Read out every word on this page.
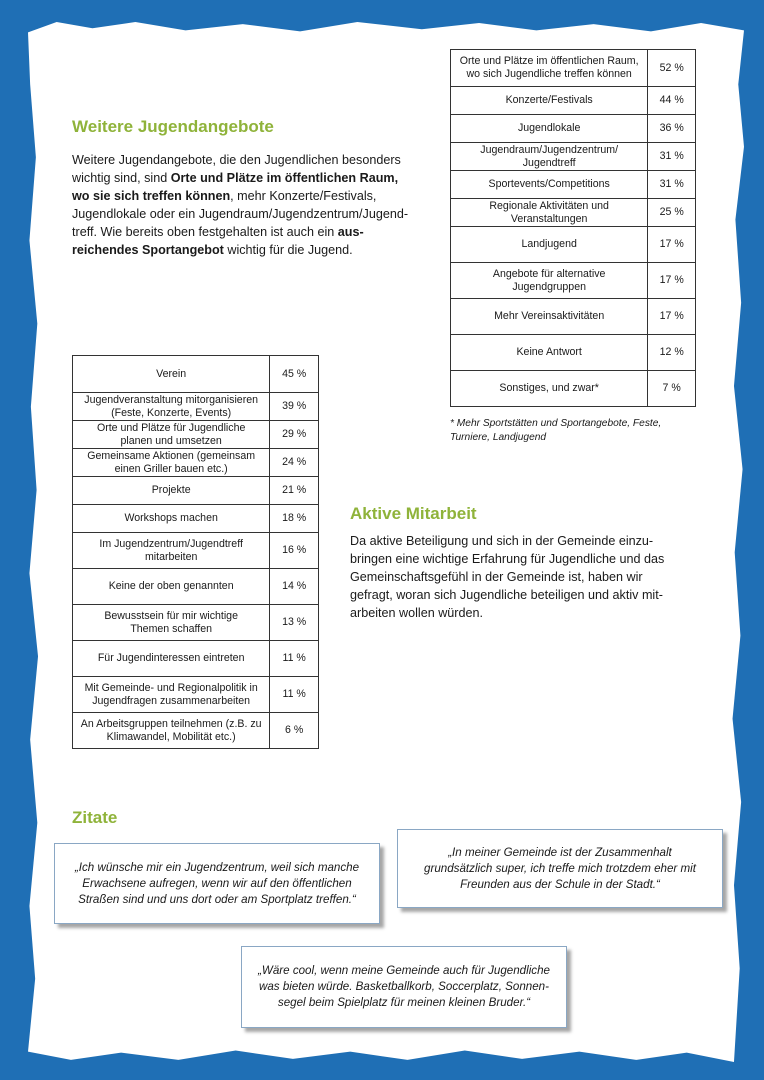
Weitere Jugendangebote
Weitere Jugendangebote, die den Jugendlichen besonders
wichtig sind, sind Orte und Plätze im öffentlichen Raum,
wo sie sich treffen können, mehr Konzerte/Festivals,
Jugendlokale oder ein Jugendraum/Jugendzentrum/Jugend-
treff. Wie bereits oben festgehalten ist auch ein aus-
reichendes Sportangebot wichtig für die Jugend.
Orte und Plätze im öffentlichen Raum,
wo sich Jugendliche treffen können	52 %
Konzerte/Festivals	44 %
Jugendlokale	36 %
Jugendraum/Jugendzentrum/
Jugendtreff	31 %
Sportevents/Competitions	31 %
Regionale Aktivitäten und
Veranstaltungen	25 %
Landjugend	17 %
Angebote für alternative Jugendgruppen	17 %
Mehr Vereinsaktivitäten	17 %
Keine Antwort	12 %
Sonstiges, und zwar*	7 %

* Mehr Sportstätten und Sportangebote, Feste,
Turniere, Landjugend

Verein	45 %
Jugendveranstaltung mitorganisieren
(Feste, Konzerte, Events)	39 %
Orte und Plätze für Jugendliche
planen und umsetzen	29 %
Gemeinsame Aktionen (gemeinsam
einen Griller bauen etc.)	24 %
Projekte	21 %
Workshops machen	18 %
Im Jugendzentrum/Jugendtreff
mitarbeiten	16 %
Keine der oben genannten	14 %
Bewusstsein für mir wichtige
Themen schaffen	13 %
Für Jugendinteressen eintreten	11 %
Mit Gemeinde- und Regionalpolitik in
Jugendfragen zusammenarbeiten	11 %
An Arbeitsgruppen teilnehmen (z.B. zu
Klimawandel, Mobilität etc.)	6 %
Aktive Mitarbeit

Da aktive Beteiligung und sich in der Gemeinde einzu-
bringen eine wichtige Erfahrung für Jugendliche und das
Gemeinschaftsgefühl in der Gemeinde ist, haben wir
gefragt, woran sich Jugendliche beteiligen und aktiv mit-
arbeiten wollen würden.

Zitate
„Ich wünsche mir ein Jugendzentrum, weil sich manche
Erwachsene aufregen, wenn wir auf den öffentlichen
Straßen sind und uns dort oder am Sportplatz treffen.“
„In meiner Gemeinde ist der Zusammenhalt
grundsätzlich super, ich treffe mich trotzdem eher mit
Freunden aus der Schule in der Stadt.“
„Wäre cool, wenn meine Gemeinde auch für Jugendliche
was bieten würde. Basketballkorb, Soccerplatz, Sonnen-
segel beim Spielplatz für meinen kleinen Bruder.“
